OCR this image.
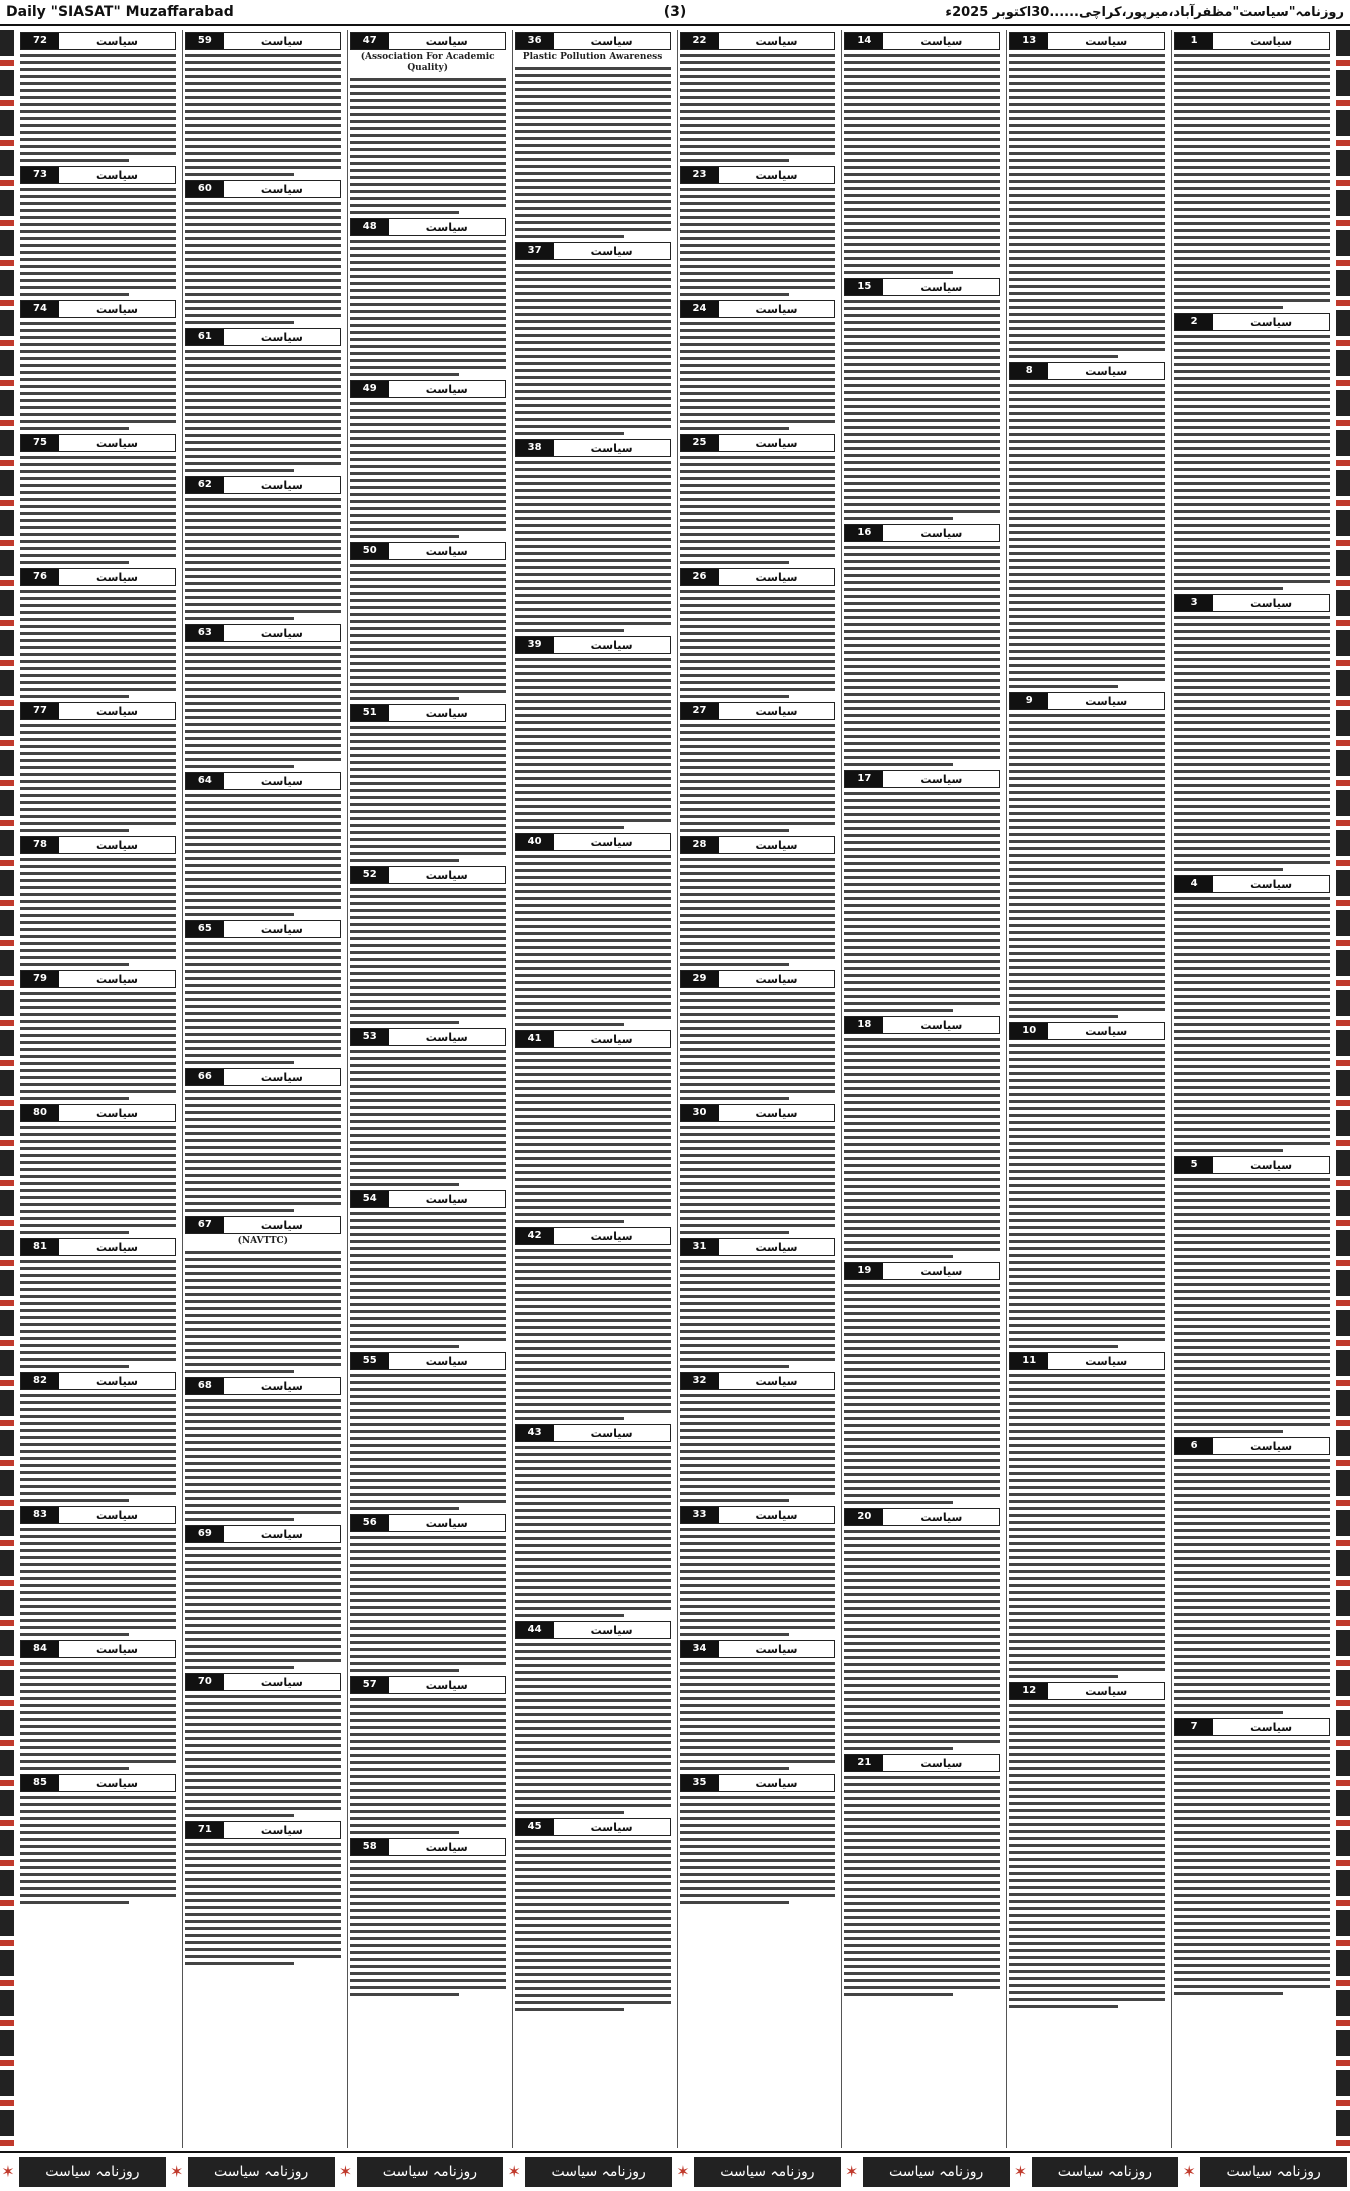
Daily "SIASAT" Muzaffarabad	(3)	روزنامہ"سیاست"مظفرآباد،میرپور،کراچی......30اکتوبر 2025ء
سیاست
1
سیاست
2
سیاست
3
سیاست
4
سیاست
5
سیاست
6
سیاست
7
سیاست
13
سیاست
8
سیاست
9
سیاست
10
سیاست
11
سیاست
12
سیاست
14
سیاست
15
سیاست
16
سیاست
17
سیاست
18
سیاست
19
سیاست
20
سیاست
21
سیاست
22
سیاست
23
سیاست
24
سیاست
25
سیاست
26
سیاست
27
سیاست
28
سیاست
29
سیاست
30
سیاست
31
سیاست
32
سیاست
33
سیاست
34
سیاست
35
سیاست
36
Plastic Pollution Awareness
سیاست
37
سیاست
38
سیاست
39
سیاست
40
سیاست
41
سیاست
42
سیاست
43
سیاست
44
سیاست
45
سیاست
47
(Association For Academic Quality)
سیاست
48
سیاست
49
سیاست
50
سیاست
51
سیاست
52
سیاست
53
سیاست
54
سیاست
55
سیاست
56
سیاست
57
سیاست
58
سیاست
59
سیاست
60
سیاست
61
سیاست
62
سیاست
63
سیاست
64
سیاست
65
سیاست
66
سیاست
67
(NAVTTC)
سیاست
68
سیاست
69
سیاست
70
سیاست
71
سیاست
72
سیاست
73
سیاست
74
سیاست
75
سیاست
76
سیاست
77
سیاست
78
سیاست
79
سیاست
80
سیاست
81
سیاست
82
سیاست
83
سیاست
84
سیاست
85
✶	روزنامہ سیاست	✶	روزنامہ سیاست	✶	روزنامہ سیاست	✶	روزنامہ سیاست	✶	روزنامہ سیاست	✶	روزنامہ سیاست	✶	روزنامہ سیاست	✶	روزنامہ سیاست
